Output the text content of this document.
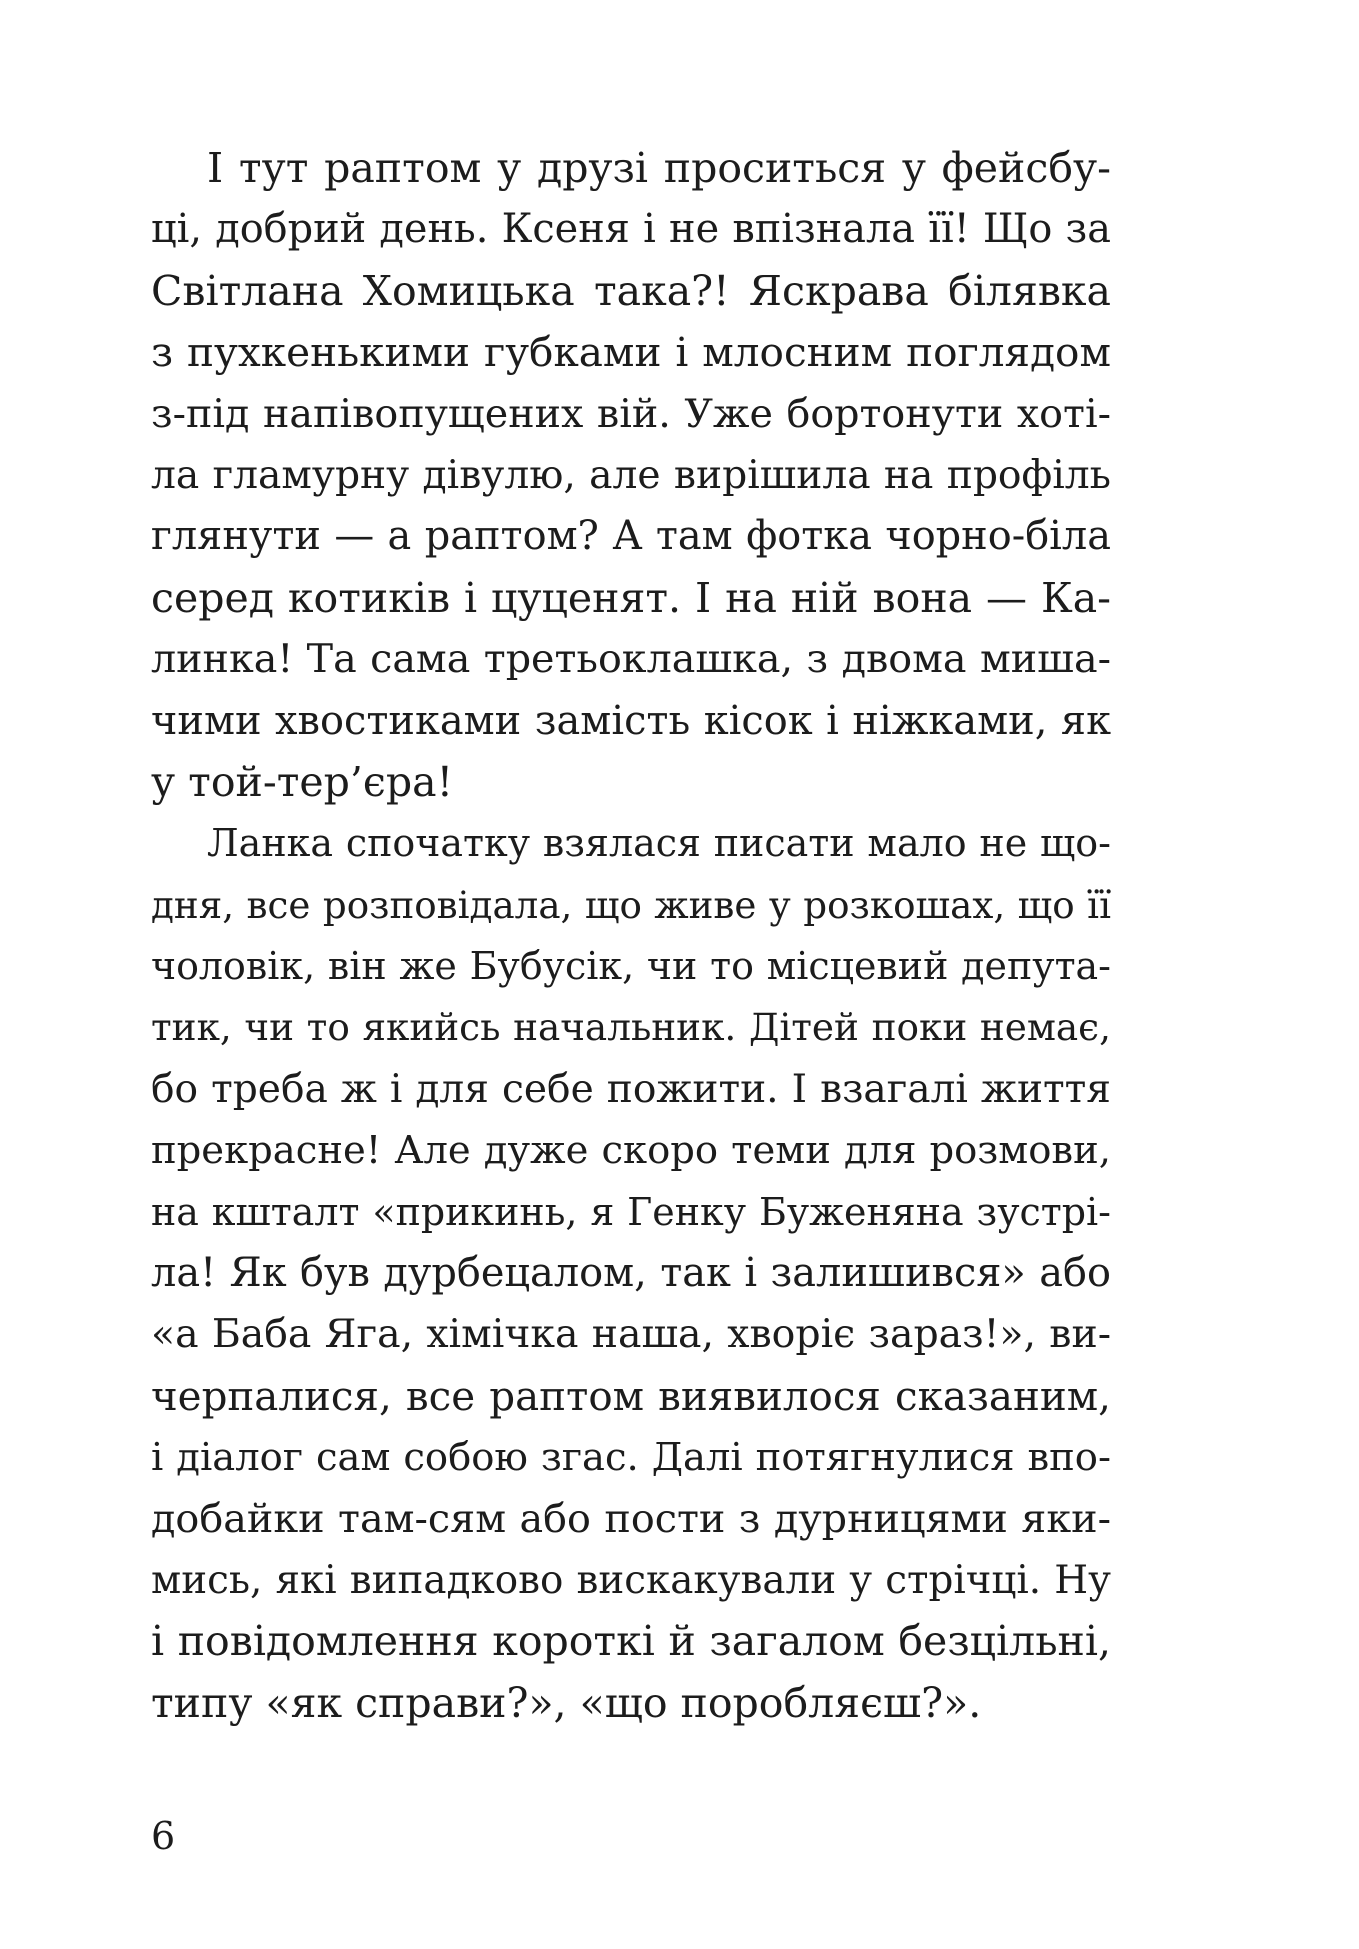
І тут раптом у друзі проситься у фейсбу-
ці, добрий день. Ксеня і не впізнала її! Що за
Світлана Хомицька така?! Яскрава білявка
з пухкенькими губками і млосним поглядом
з-під напівопущених вій. Уже бортонути хоті-
ла гламурну дівулю, але вирішила на профіль
глянути — а раптом? А там фотка чорно-біла
серед котиків і цуценят. І на ній вона — Ка-
линка! Та сама третьоклашка, з двома миша-
чими хвостиками замість кісок і ніжками, як
у той-тер’єра!
Ланка спочатку взялася писати мало не що-
дня, все розповідала, що живе у розкошах, що її
чоловік, він же Бубусік, чи то місцевий депута-
тик, чи то якийсь начальник. Дітей поки немає,
бо треба ж і для себе пожити. І взагалі життя
прекрасне! Але дуже скоро теми для розмови,
на кшталт «прикинь, я Генку Буженяна зустрі-
ла! Як був дурбецалом, так і залишився» або
«а Баба Яга, хімічка наша, хворіє зараз!», ви-
черпалися, все раптом виявилося сказаним,
і діалог сам собою згас. Далі потягнулися впо-
добайки там-сям або пости з дурницями яки-
мись, які випадково вискакували у стрічці. Ну
і повідомлення короткі й загалом безцільні,
типу «як справи?», «що поробляєш?».
6
